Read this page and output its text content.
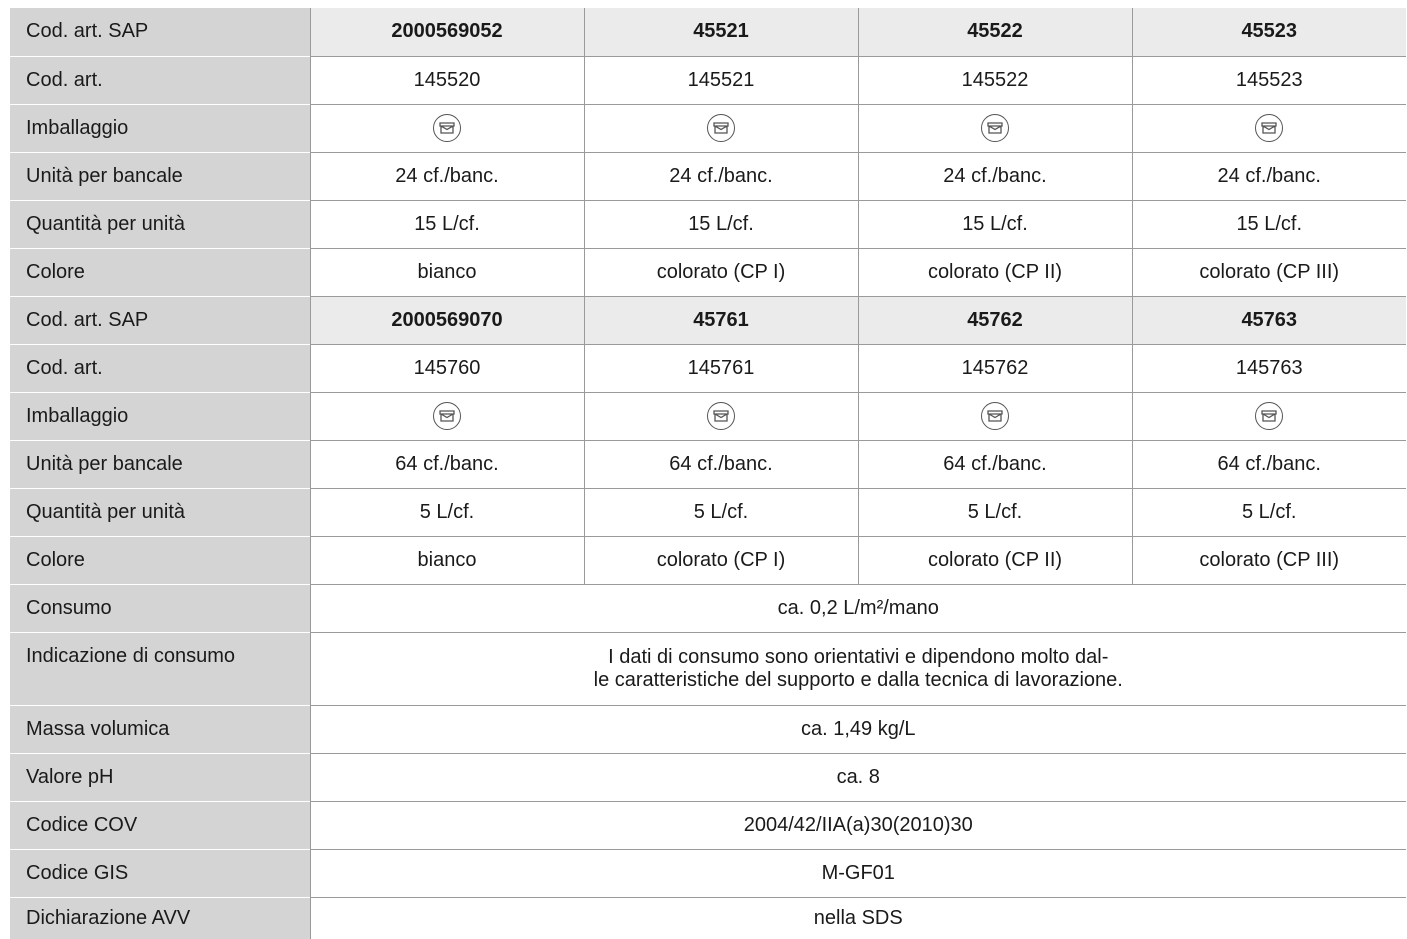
Cod. art. SAP	2000569052	45521	45522	45523
Cod. art.	145520	145521	145522	145523
Imballaggio	

Unità per bancale	24 cf./banc.	24 cf./banc.	24 cf./banc.	24 cf./banc.
Quantità per unità	15 L/cf.	15 L/cf.	15 L/cf.	15 L/cf.
Colore	bianco	colorato (CP I)	colorato (CP II)	colorato (CP III)
Cod. art. SAP	2000569070	45761	45762	45763
Cod. art.	145760	145761	145762	145763
Imballaggio	

Unità per bancale	64 cf./banc.	64 cf./banc.	64 cf./banc.	64 cf./banc.
Quantità per unità	5 L/cf.	5 L/cf.	5 L/cf.	5 L/cf.
Colore	bianco	colorato (CP I)	colorato (CP II)	colorato (CP III)
Consumo	ca. 0,2 L/m²/mano			
Indicazione di consumo	I dati di consumo sono orientativi e dipendono molto dal-
le caratteristiche del supporto e dalla tecnica di lavorazione.			

Massa volumica	ca. 1,49 kg/L			
Valore pH	ca. 8			
Codice COV	2004/42/IIA(a)30(2010)30			
Codice GIS	M-GF01			
Dichiarazione AVV	nella SDS			
